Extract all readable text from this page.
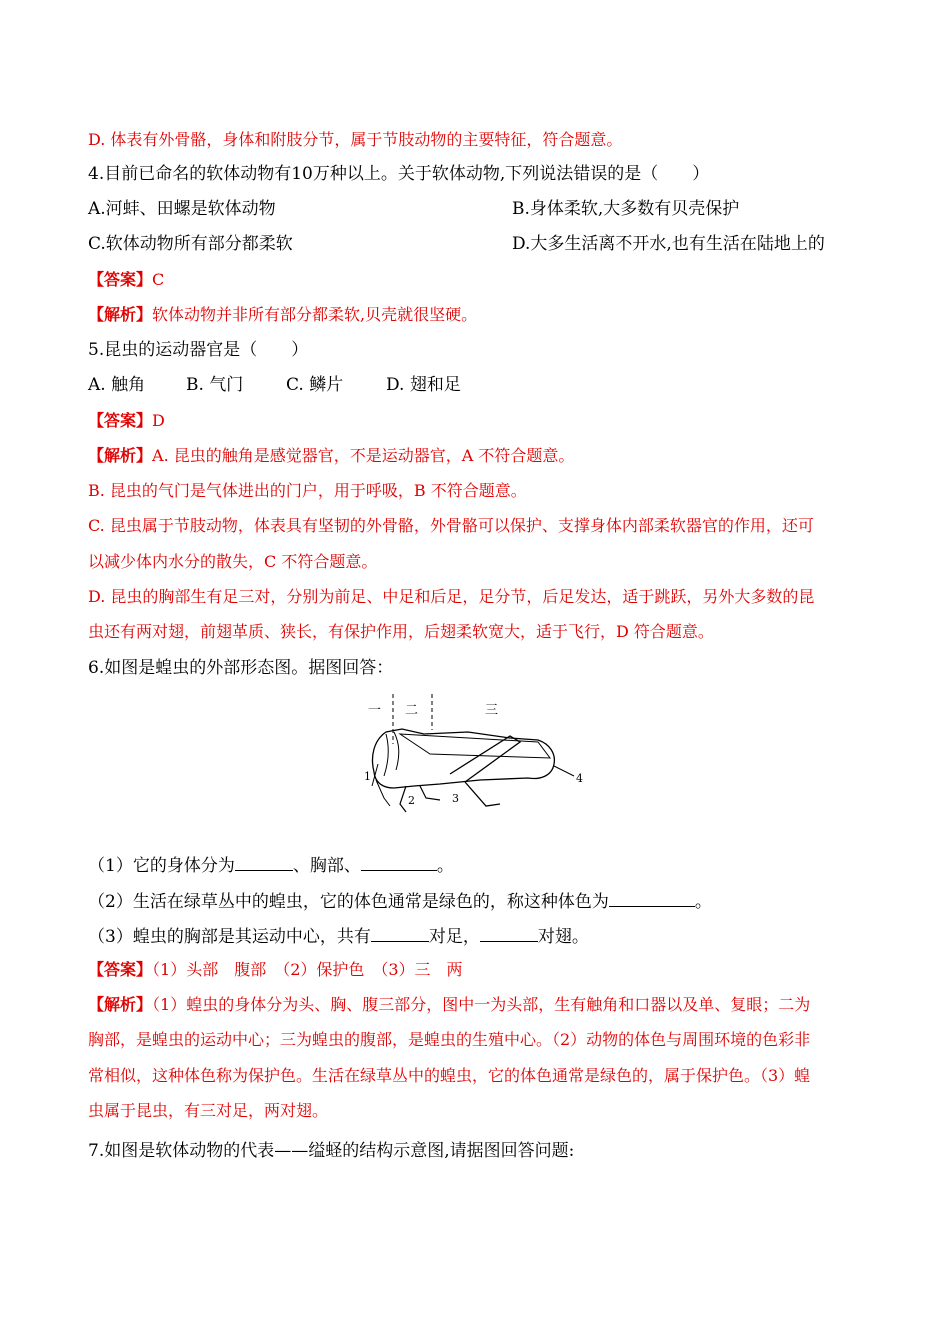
D. 体表有外骨骼，身体和附肢分节，属于节肢动物的主要特征，符合题意。
4.目前已命名的软体动物有10万种以上。关于软体动物,下列说法错误的是（　　）
A.河蚌、田螺是软体动物	B.身体柔软,大多数有贝壳保护
C.软体动物所有部分都柔软	D.大多生活离不开水,也有生活在陆地上的
【答案】C
【解析】软体动物并非所有部分都柔软,贝壳就很坚硬。
5.昆虫的运动器官是（　　）
A. 触角 B. 气门	C. 鳞片	D. 翅和足
【答案】D
【解析】A. 昆虫的触角是感觉器官，不是运动器官，A 不符合题意。
B. 昆虫的气门是气体进出的门户，用于呼吸，B 不符合题意。
C. 昆虫属于节肢动物，体表具有坚韧的外骨骼，外骨骼可以保护、支撑身体内部柔软器官的作用，还可
以减少体内水分的散失，C 不符合题意。
D. 昆虫的胸部生有足三对，分别为前足、中足和后足，足分节，后足发达，适于跳跃，另外大多数的昆
虫还有两对翅，前翅革质、狭长，有保护作用，后翅柔软宽大，适于飞行，D 符合题意。
6.如图是蝗虫的外部形态图。据图回答：
一 二	三
1
2	3
4
（1）它的身体分为	、胸部、	。
（2）生活在绿草丛中的蝗虫，它的体色通常是绿色的，称这种体色为	。
（3）蝗虫的胸部是其运动中心，共有	对足，	对翅。
【答案】（1）头部　腹部　（2）保护色　（3）三　两
【解析】（1）蝗虫的身体分为头、胸、腹三部分，图中一为头部，生有触角和口器以及单、复眼；二为
胸部，是蝗虫的运动中心；三为蝗虫的腹部，是蝗虫的生殖中心。（2）动物的体色与周围环境的色彩非
常相似，这种体色称为保护色。生活在绿草丛中的蝗虫，它的体色通常是绿色的，属于保护色。（3）蝗
虫属于昆虫，有三对足，两对翅。
7.如图是软体动物的代表——缢蛏的结构示意图,请据图回答问题:
